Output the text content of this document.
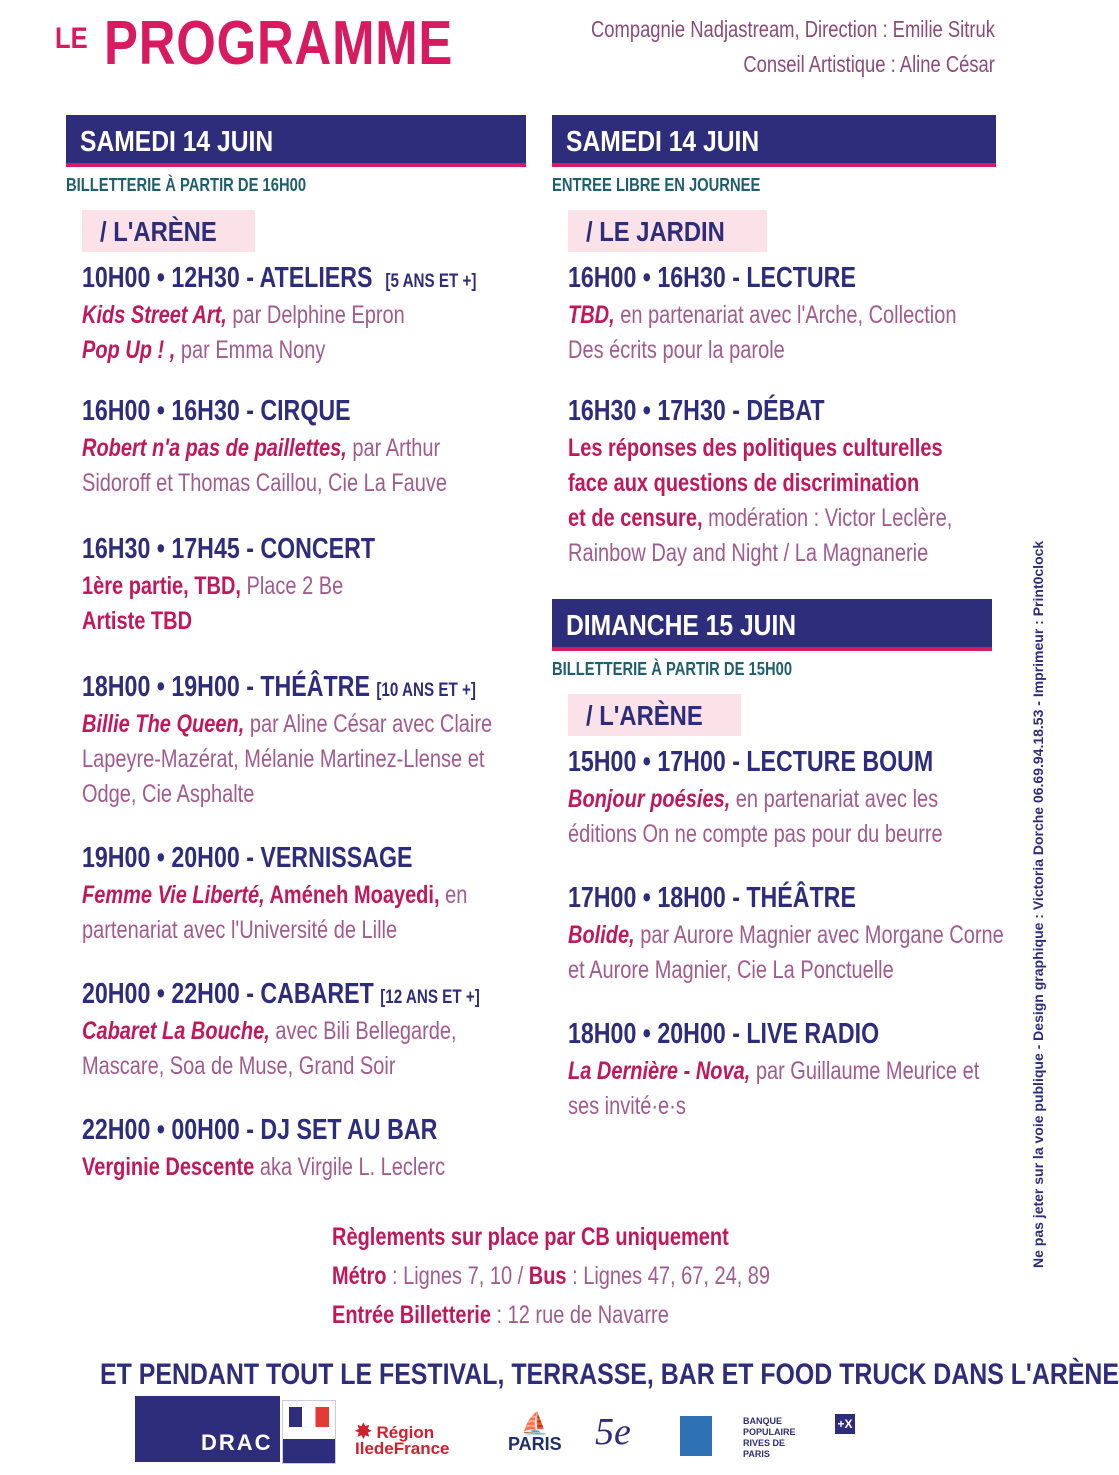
LE PROGRAMME	Compagnie Nadjastream, Direction : Emilie Sitruk
Conseil Artistique : Aline César
SAMEDI 14 JUIN
BILLETTERIE À PARTIR DE 16H00
/ L'ARÈNE
10H00 • 12H30 - ATELIERS [5 ANS ET +]
Kids Street Art, par Delphine Epron
Pop Up ! , par Emma Nony
16H00 • 16H30 - CIRQUE
Robert n'a pas de paillettes, par Arthur
Sidoroff et Thomas Caillou, Cie La Fauve
16H30 • 17H45 - CONCERT
1ère partie, TBD, Place 2 Be
Artiste TBD
18H00 • 19H00 - THÉÂTRE [10 ANS ET +]
Billie The Queen, par Aline César avec Claire
Lapeyre-Mazérat, Mélanie Martinez-Llense et
Odge, Cie Asphalte
19H00 • 20H00 - VERNISSAGE
Femme Vie Liberté, Améneh Moayedi, en
partenariat avec l'Université de Lille
20H00 • 22H00 - CABARET [12 ANS ET +]
Cabaret La Bouche, avec Bili Bellegarde,
Mascare, Soa de Muse, Grand Soir
22H00 • 00H00 - DJ SET AU BAR
Verginie Descente aka Virgile L. Leclerc
SAMEDI 14 JUIN
ENTREE LIBRE EN JOURNEE
/ LE JARDIN
16H00 • 16H30 - LECTURE
TBD, en partenariat avec l'Arche, Collection
Des écrits pour la parole
16H30 • 17H30 - DÉBAT
Les réponses des politiques culturelles
face aux questions de discrimination
et de censure, modération : Victor Leclère,
Rainbow Day and Night / La Magnanerie
DIMANCHE 15 JUIN
BILLETTERIE À PARTIR DE 15H00
/ L'ARÈNE
15H00 • 17H00 - LECTURE BOUM
Bonjour poésies, en partenariat avec les
éditions On ne compte pas pour du beurre
17H00 • 18H00 - THÉÂTRE
Bolide, par Aurore Magnier avec Morgane Corne
et Aurore Magnier, Cie La Ponctuelle
18H00 • 20H00 - LIVE RADIO
La Dernière - Nova, par Guillaume Meurice et
ses invité·e·s
Règlements sur place par CB uniquement
Métro : Lignes 7, 10 / Bus : Lignes 47, 67, 24, 89
Entrée Billetterie : 12 rue de Navarre
ET PENDANT TOUT LE FESTIVAL, TERRASSE, BAR ET FOOD TRUCK DANS L'ARÈNE
Ne pas jeter sur la voie publique - Design graphique : Victoria Dorche 06.69.94.18.53 - Imprimeur : Print0clock
DRAC	✸ Région
IledeFrance
⛵
PARIS 5e	BANQUE POPULAIRE
RIVES DE PARIS
+X
